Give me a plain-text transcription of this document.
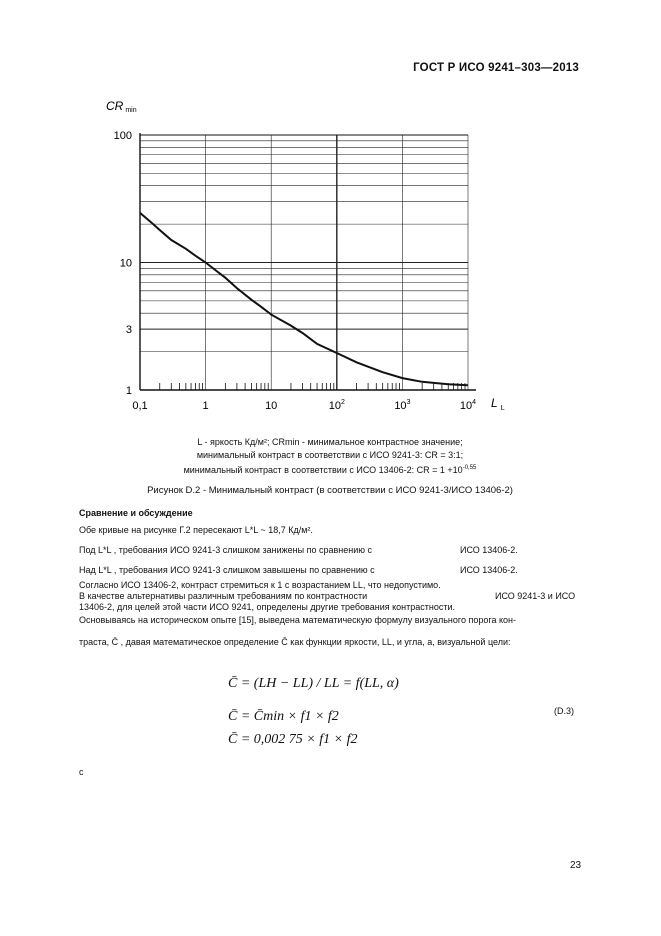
ГОСТ Р ИСО 9241–303—2013
0,1	1	10	$10^2$	$10^3$	$10^4$
1
3
10
100
CR min
L $_L$
L - яркость Кд/м²; CRmin - минимальное контрастное значение;
минимальный контраст в соответствии с ИСО 9241-3: CR = 3:1;
минимальный контраст в соответствии с ИСО 13406-2: CR = $1 +10^{-0,55}$
Рисунок D.2 - Минимальный контраст (в соответствии с ИСО 9241-3/ИСО 13406-2)
Сравнение и обсуждение
Обе кривые на рисунке Г.2 пересекают L*L ~ 18,7 Кд/м².
Под L*L , требования ИСО 9241-3 слишком занижены по сравнению с	ИСО 13406-2.
Над L*L , требования ИСО 9241-3 слишком завышены по сравнению с	ИСО 13406-2.
Согласно ИСО 13406-2, контраст стремиться к 1 с возрастанием LL, что недопустимо.
В качестве альтернативы различным требованиям по контрастности	ИСО 9241-3 и ИСО
13406-2, для целей этой части ИСО 9241, определены другие требования контрастности.
Основываясь на историческом опыте [15], выведена математическую формулу визуального порога кон-
траста, C̄ , давая математическое определение C̄ как функции яркости, LL, и угла, a, визуальной цели:
C̄ = (LH − LL) / LL = f(LL, α)
C̄ = C̄min × f1 × f2
C̄ = 0,002 75 × f1 × f2
(D.3)
с
23
